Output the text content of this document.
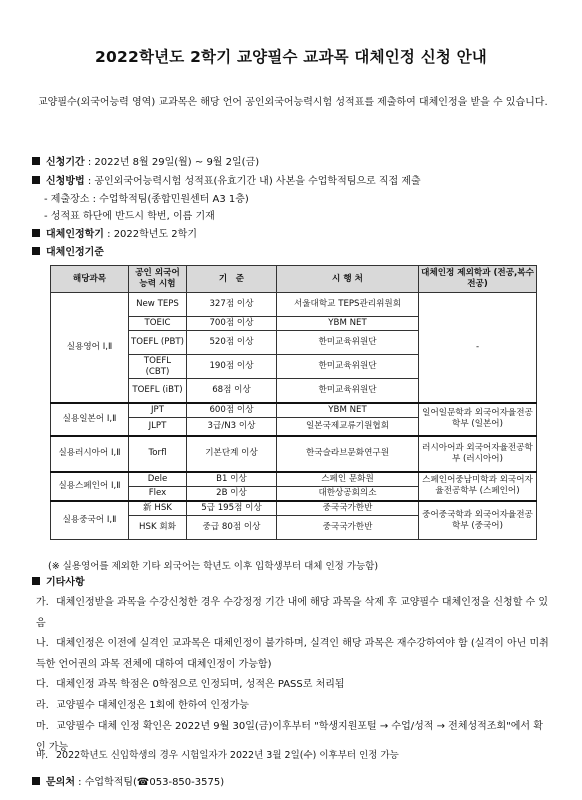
2022학년도 2학기 교양필수 교과목 대체인정 신청 안내
교양필수(외국어능력 영역) 교과목은 해당 언어 공인외국어능력시험 성적표를 제출하여 대체인정을 받을 수 있습니다.
신청기간 : 2022년 8월 29일(월) ~ 9월 2일(금)
신청방법 : 공인외국어능력시험 성적표(유효기간 내) 사본을 수업학적팀으로 직접 제출
- 제출장소 : 수업학적팀(종합민원센터 A3 1층)
- 성적표 하단에 반드시 학번, 이름 기재
대체인정학기 : 2022학년도 2학기
대체인정기준
해당과목	공인 외국어 능력 시험	기　준	시 행 처	대체인정 제외학과 (전공,복수전공)
실용영어 Ⅰ,Ⅱ	New TEPS	327점 이상	서울대학교 TEPS관리위원회	-
	TOEIC	700점 이상	YBM NET	
	TOEFL (PBT)	520점 이상	한미교육위원단	
	TOEFL (CBT)	190점 이상	한미교육위원단	
	TOEFL (iBT)	68점 이상	한미교육위원단	
실용일본어 Ⅰ,Ⅱ	JPT	600점 이상	YBM NET	일어일문학과 외국어자율전공학부 (일본어)
	JLPT	3급/N3 이상	일본국제교류기원협회	
실용러시아어 Ⅰ,Ⅱ	Torfl	기본단계 이상	한국슬라브문화연구원	러시아어과 외국어자율전공학부 (러시아어)
실용스페인어 Ⅰ,Ⅱ	Dele	B1 이상	스페인 문화원	스페인어중남미학과 외국어자율전공학부 (스페인어)
	Flex	2B 이상	대한상공회의소	
실용중국어 Ⅰ,Ⅱ	新 HSK	5급 195점 이상	중국국가한반	중어중국학과 외국어자율전공학부 (중국어)
	HSK 회화	중급 80점 이상	중국국가한반	
(※ 실용영어를 제외한 기타 외국어는 학년도 이후 입학생부터 대체 인정 가능함)
기타사항
가. 대체인정받을 과목을 수강신청한 경우 수강정정 기간 내에 해당 과목을 삭제 후 교양필수 대체인정을 신청할 수 있음
나. 대체인정은 이전에 실격인 교과목은 대체인정이 불가하며, 실격인 해당 과목은 재수강하여야 함 (실격이 아닌 미취득한 언어권의 과목 전체에 대하여 대체인정이 가능함)
다. 대체인정 과목 학점은 0학점으로 인정되며, 성적은 PASS로 처리됨
라. 교양필수 대체인정은 1회에 한하여 인정가능
마. 교양필수 대체 인정 확인은 2022년 9월 30일(금)이후부터 "학생지원포털 → 수업/성적 → 전체성적조회"에서 확인 가능
바. 2022학년도 신입학생의 경우 시험일자가 2022년 3월 2일(수) 이후부터 인정 가능
문의처 : 수업학적팀(☎053-850-3575)
